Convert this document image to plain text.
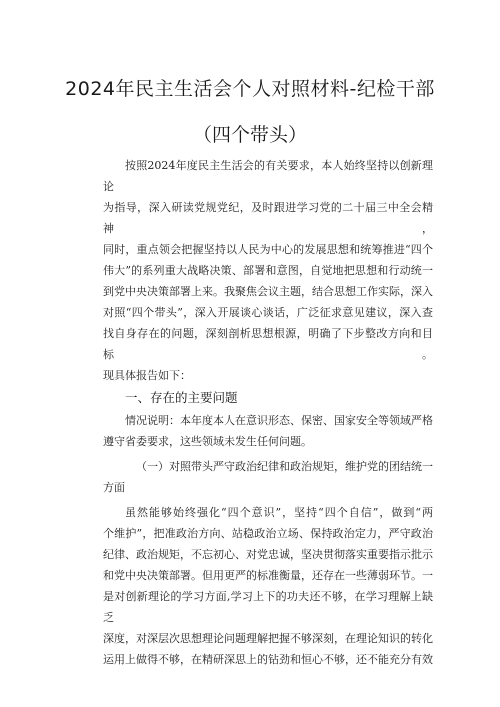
2024年民主生活会个人对照材料-纪检干部
（四个带头）

按照2024年度民主生活会的有关要求，本人始终坚持以创新理论

为指导，深入研读党规党纪，及时跟进学习党的二十届三中全会精神，

同时，重点领会把握坚持以人民为中心的发展思想和统筹推进“四个

伟大”的系列重大战略决策、部署和意图，自觉地把思想和行动统一

到党中央决策部署上来。我聚焦会议主题，结合思想工作实际，深入

对照“四个带头”，深入开展谈心谈话，广泛征求意见建议，深入查

找自身存在的问题，深刻剖析思想根源，明确了下步整改方向和目标。

现具体报告如下：

一、存在的主要问题

情况说明：本年度本人在意识形态、保密、国家安全等领域严格

遵守省委要求，这些领域未发生任何问题。

（一）对照带头严守政治纪律和政治规矩，维护党的团结统一

方面

虽然能够始终强化“四个意识”，坚持“四个自信”，做到“两

个维护”，把准政治方向、站稳政治立场、保持政治定力，严守政治

纪律、政治规矩，不忘初心、对党忠诚，坚决贯彻落实重要指示批示

和党中央决策部署。但用更严的标准衡量，还存在一些薄弱环节。一

是对创新理论的学习方面,学习上下的功夫还不够，在学习理解上缺乏

深度，对深层次思想理论问题理解把握不够深刻，在理论知识的转化

运用上做得不够，在精研深思上的钻劲和恒心不够，还不能充分有效
